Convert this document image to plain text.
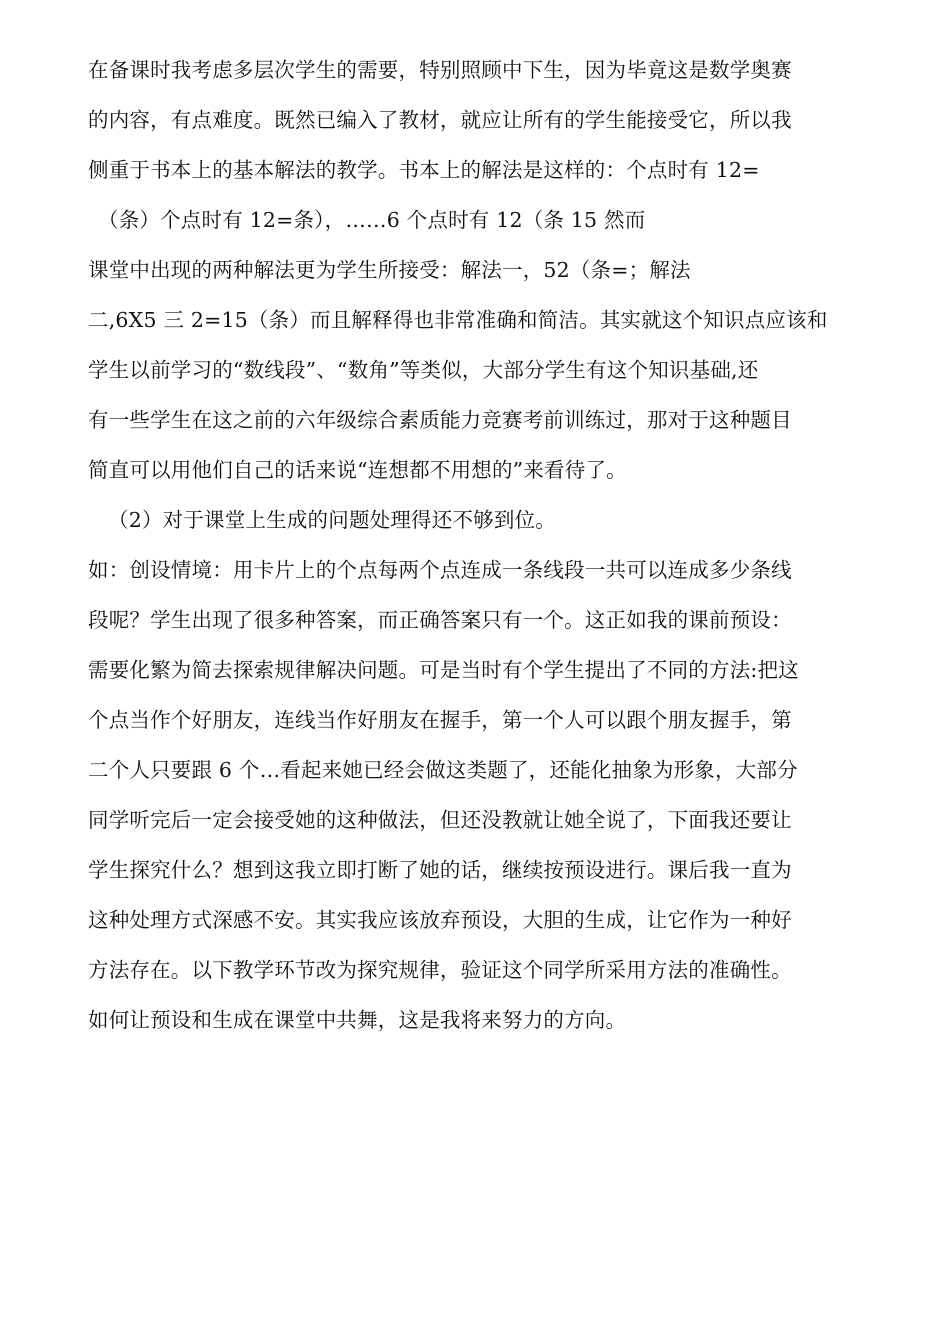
在备课时我考虑多层次学生的需要，特别照顾中下生，因为毕竟这是数学奥赛
的内容，有点难度。既然已编入了教材，就应让所有的学生能接受它，所以我
侧重于书本上的基本解法的教学。书本上的解法是这样的：个点时有 12=
（条）个点时有 12=条），……6 个点时有 12（条 15 然而
课堂中出现的两种解法更为学生所接受：解法一，52（条=；解法
二,6X5 三 2=15（条）而且解释得也非常准确和简洁。其实就这个知识点应该和
学生以前学习的“数线段”、“数角”等类似，大部分学生有这个知识基础,还
有一些学生在这之前的六年级综合素质能力竞赛考前训练过，那对于这种题目
简直可以用他们自己的话来说“连想都不用想的”来看待了。
（2）对于课堂上生成的问题处理得还不够到位。
如：创设情境：用卡片上的个点每两个点连成一条线段一共可以连成多少条线
段呢？学生出现了很多种答案，而正确答案只有一个。这正如我的课前预设：
需要化繁为简去探索规律解决问题。可是当时有个学生提出了不同的方法:把这
个点当作个好朋友，连线当作好朋友在握手，第一个人可以跟个朋友握手，第
二个人只要跟 6 个…看起来她已经会做这类题了，还能化抽象为形象，大部分
同学听完后一定会接受她的这种做法，但还没教就让她全说了，下面我还要让
学生探究什么？想到这我立即打断了她的话，继续按预设进行。课后我一直为
这种处理方式深感不安。其实我应该放弃预设，大胆的生成，让它作为一种好
方法存在。以下教学环节改为探究规律，验证这个同学所采用方法的准确性。
如何让预设和生成在课堂中共舞，这是我将来努力的方向。
